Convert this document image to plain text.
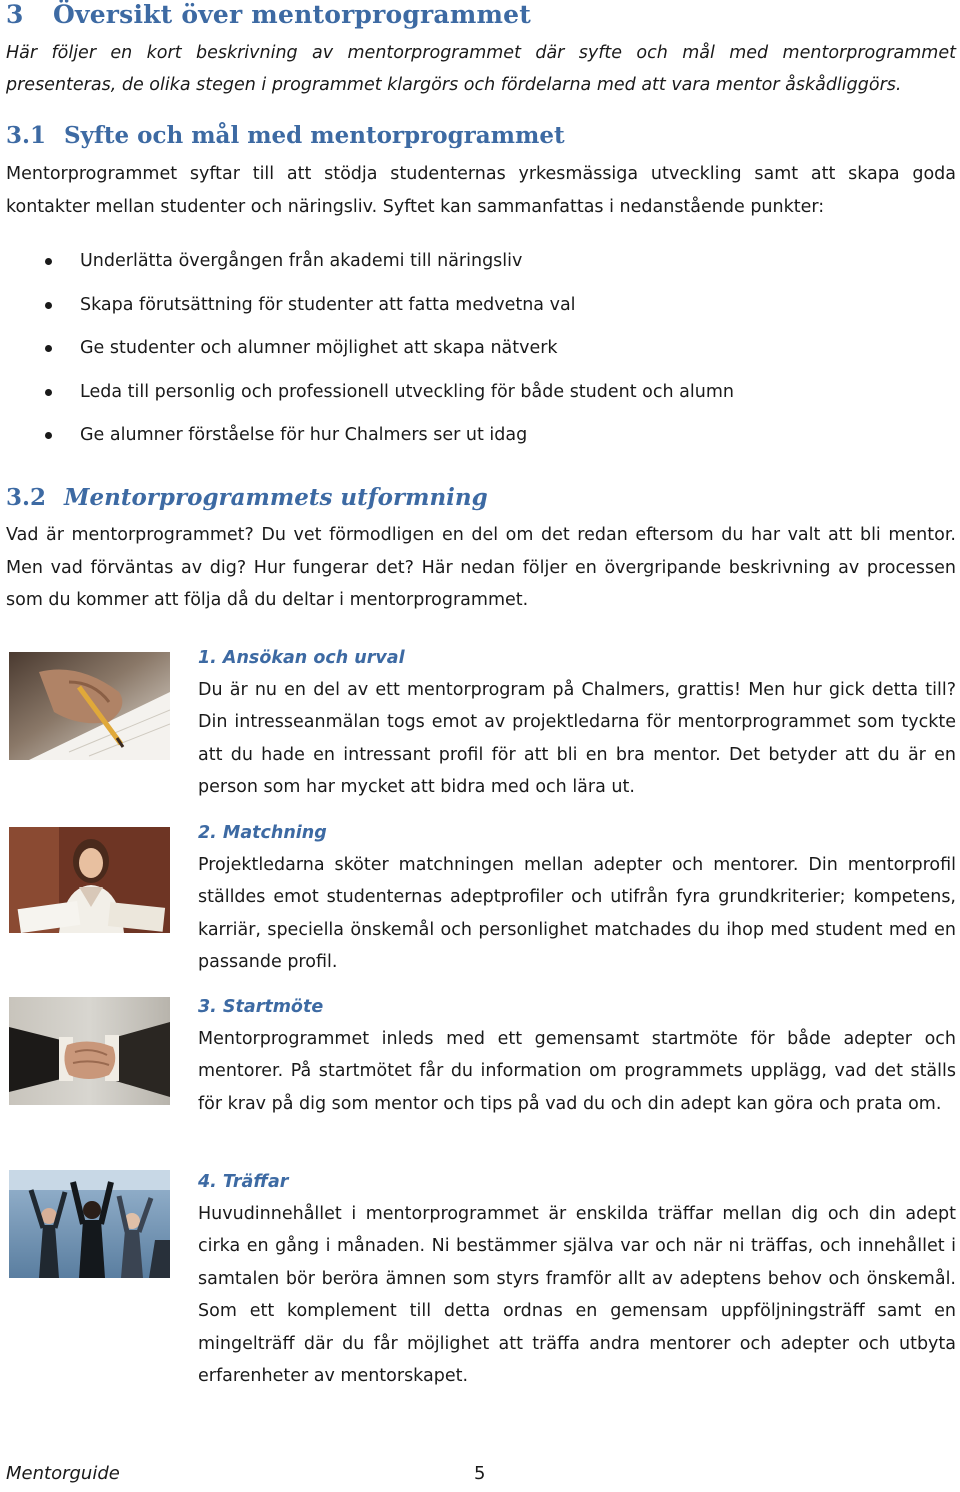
3 Översikt över mentorprogrammet

Här följer en kort beskrivning av mentorprogrammet där syfte och mål med mentorprogrammet presenteras, de olika stegen i programmet klargörs och fördelarna med att vara mentor åskådliggörs.

3.1 Syfte och mål med mentorprogrammet

Mentorprogrammet syftar till att stödja studenternas yrkesmässiga utveckling samt att skapa goda kontakter mellan studenter och näringsliv. Syftet kan sammanfattas i nedanstående punkter:

Underlätta övergången från akademi till näringsliv
Skapa förutsättning för studenter att fatta medvetna val
Ge studenter och alumner möjlighet att skapa nätverk
Leda till personlig och professionell utveckling för både student och alumn
Ge alumner förståelse för hur Chalmers ser ut idag
3.2 Mentorprogrammets utformning

Vad är mentorprogrammet? Du vet förmodligen en del om det redan eftersom du har valt att bli mentor. Men vad förväntas av dig? Hur fungerar det? Här nedan följer en övergripande beskrivning av processen som du kommer att följa då du deltar i mentorprogrammet.

1. Ansökan och urval

Du är nu en del av ett mentorprogram på Chalmers, grattis! Men hur gick detta till? Din intresseanmälan togs emot av projektledarna för mentorprogrammet som tyckte att du hade en intressant profil för att bli en bra mentor. Det betyder att du är en person som har mycket att bidra med och lära ut.

2. Matchning

Projektledarna sköter matchningen mellan adepter och mentorer. Din mentorprofil ställdes emot studenternas adeptprofiler och utifrån fyra grundkriterier; kompetens, karriär, speciella önskemål och personlighet matchades du ihop med student med en passande profil.

3. Startmöte

Mentorprogrammet inleds med ett gemensamt startmöte för både adepter och mentorer. På startmötet får du information om programmets upplägg, vad det ställs för krav på dig som mentor och tips på vad du och din adept kan göra och prata om.

4. Träffar

Huvudinnehållet i mentorprogrammet är enskilda träffar mellan dig och din adept cirka en gång i månaden. Ni bestämmer själva var och när ni träffas, och innehållet i samtalen bör beröra ämnen som styrs framför allt av adeptens behov och önskemål. Som ett komplement till detta ordnas en gemensam uppföljningsträff samt en mingelträff där du får möjlighet att träffa andra mentorer och adepter och utbyta erfarenheter av mentorskapet.

Mentorguide	5
